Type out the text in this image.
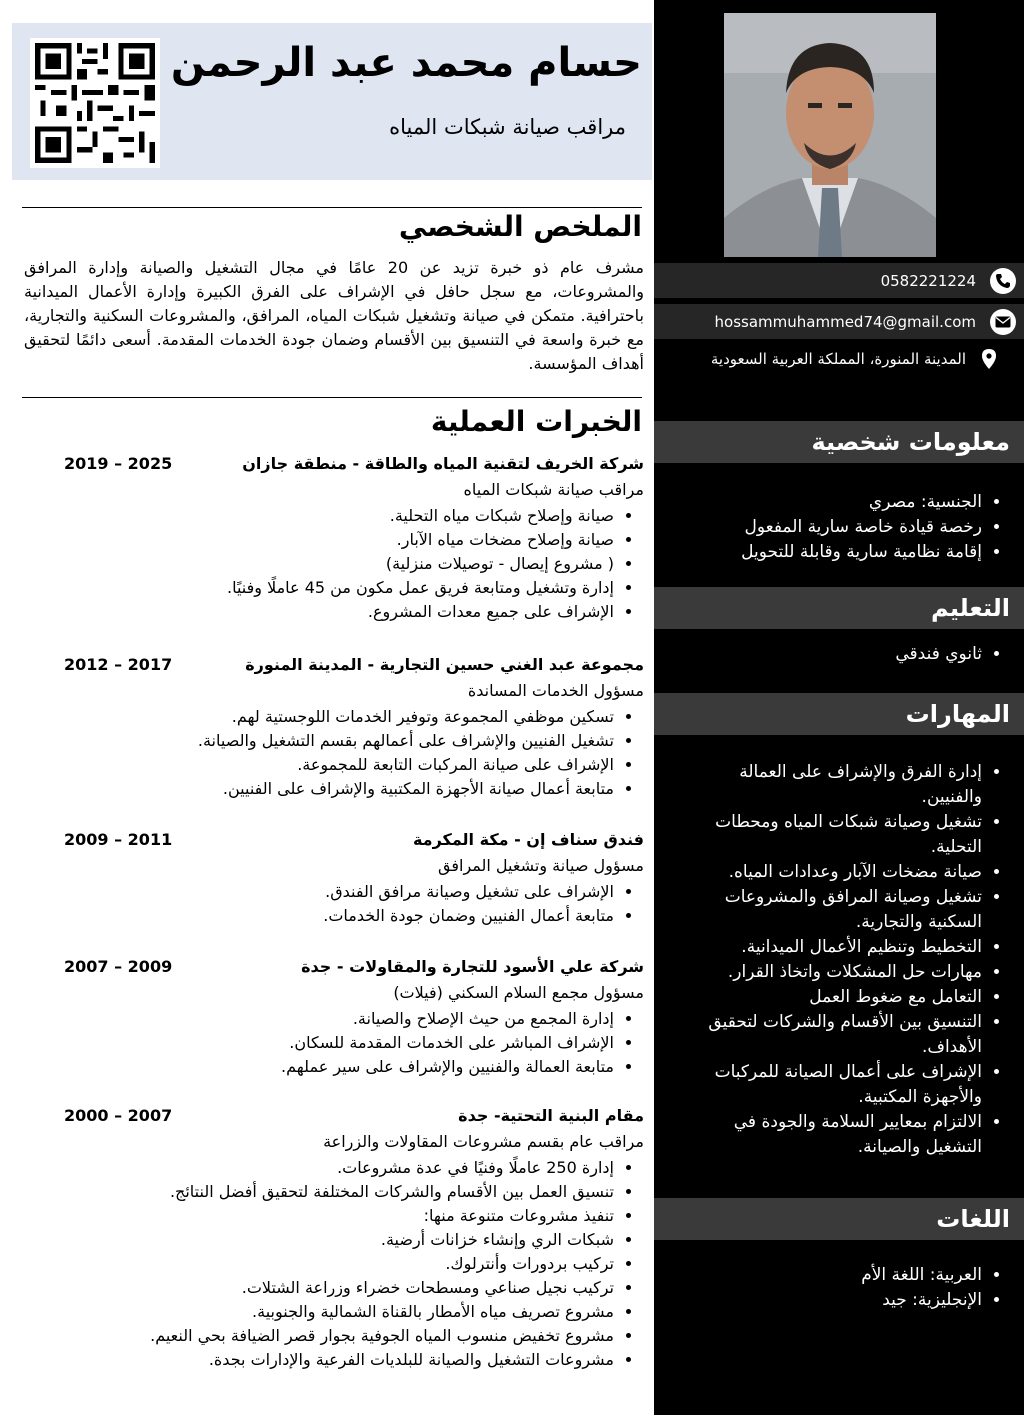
حسام محمد عبد الرحمن
مراقب صيانة شبكات المياه
الملخص الشخصي

مشرف عام ذو خبرة تزيد عن 20 عامًا في مجال التشغيل والصيانة وإدارة المرافق والمشروعات، مع سجل حافل في الإشراف على الفرق الكبيرة وإدارة الأعمال الميدانية باحترافية. متمكن في صيانة وتشغيل شبكات المياه، المرافق، والمشروعات السكنية والتجارية، مع خبرة واسعة في التنسيق بين الأقسام وضمان جودة الخدمات المقدمة. أسعى دائمًا لتحقيق أهداف المؤسسة.

الخبرات العملية
شركة الخريف لتقنية المياه والطاقة - منطقة جازان
2019 – 2025
مراقب صيانة شبكات المياه
• صيانة وإصلاح شبكات مياه التحلية.
• صيانة وإصلاح مضخات مياه الآبار.
• ( مشروع إيصال - توصيلات منزلية)
• إدارة وتشغيل ومتابعة فريق عمل مكون من 45 عاملًا وفنيًا.
• الإشراف على جميع معدات المشروع.
مجموعة عبد الغني حسين التجارية - المدينة المنورة
2012 – 2017
مسؤول الخدمات المساندة
• تسكين موظفي المجموعة وتوفير الخدمات اللوجستية لهم.
• تشغيل الفنيين والإشراف على أعمالهم بقسم التشغيل والصيانة.
• الإشراف على صيانة المركبات التابعة للمجموعة.
• متابعة أعمال صيانة الأجهزة المكتبية والإشراف على الفنيين.
فندق سناف إن - مكة المكرمة
2009 – 2011
مسؤول صيانة وتشغيل المرافق
• الإشراف على تشغيل وصيانة مرافق الفندق.
• متابعة أعمال الفنيين وضمان جودة الخدمات.
شركة علي الأسود للتجارة والمقاولات - جدة
2007 – 2009
مسؤول مجمع السلام السكني (فيلات)
• إدارة المجمع من حيث الإصلاح والصيانة.
• الإشراف المباشر على الخدمات المقدمة للسكان.
• متابعة العمالة والفنيين والإشراف على سير عملهم.
مقام البنية التحتية- جدة
2000 – 2007
مراقب عام بقسم مشروعات المقاولات والزراعة
• إدارة 250 عاملًا وفنيًا في عدة مشروعات.
• تنسيق العمل بين الأقسام والشركات المختلفة لتحقيق أفضل النتائج.
• تنفيذ مشروعات متنوعة منها:
• شبكات الري وإنشاء خزانات أرضية.
• تركيب بردورات وأنترلوك.
• تركيب نجيل صناعي ومسطحات خضراء وزراعة الشتلات.
• مشروع تصريف مياه الأمطار بالقناة الشمالية والجنوبية.
• مشروع تخفيض منسوب المياه الجوفية بجوار قصر الضيافة بحي النعيم.
• مشروعات التشغيل والصيانة للبلديات الفرعية والإدارات بجدة.
0582221224
hossammuhammed74@gmail.com
المدينة المنورة، المملكة العربية السعودية
معلومات شخصية
• الجنسية: مصري
• رخصة قيادة خاصة سارية المفعول
• إقامة نظامية سارية وقابلة للتحويل
التعليم
• ثانوي فندقي
المهارات
• إدارة الفرق والإشراف على العمالة والفنيين.
• تشغيل وصيانة شبكات المياه ومحطات التحلية.
• صيانة مضخات الآبار وعدادات المياه.
• تشغيل وصيانة المرافق والمشروعات السكنية والتجارية.
• التخطيط وتنظيم الأعمال الميدانية.
• مهارات حل المشكلات واتخاذ القرار.
• التعامل مع ضغوط العمل
• التنسيق بين الأقسام والشركات لتحقيق الأهداف.
• الإشراف على أعمال الصيانة للمركبات والأجهزة المكتبية.
• الالتزام بمعايير السلامة والجودة في التشغيل والصيانة.
اللغات
• العربية: اللغة الأم
• الإنجليزية: جيد
